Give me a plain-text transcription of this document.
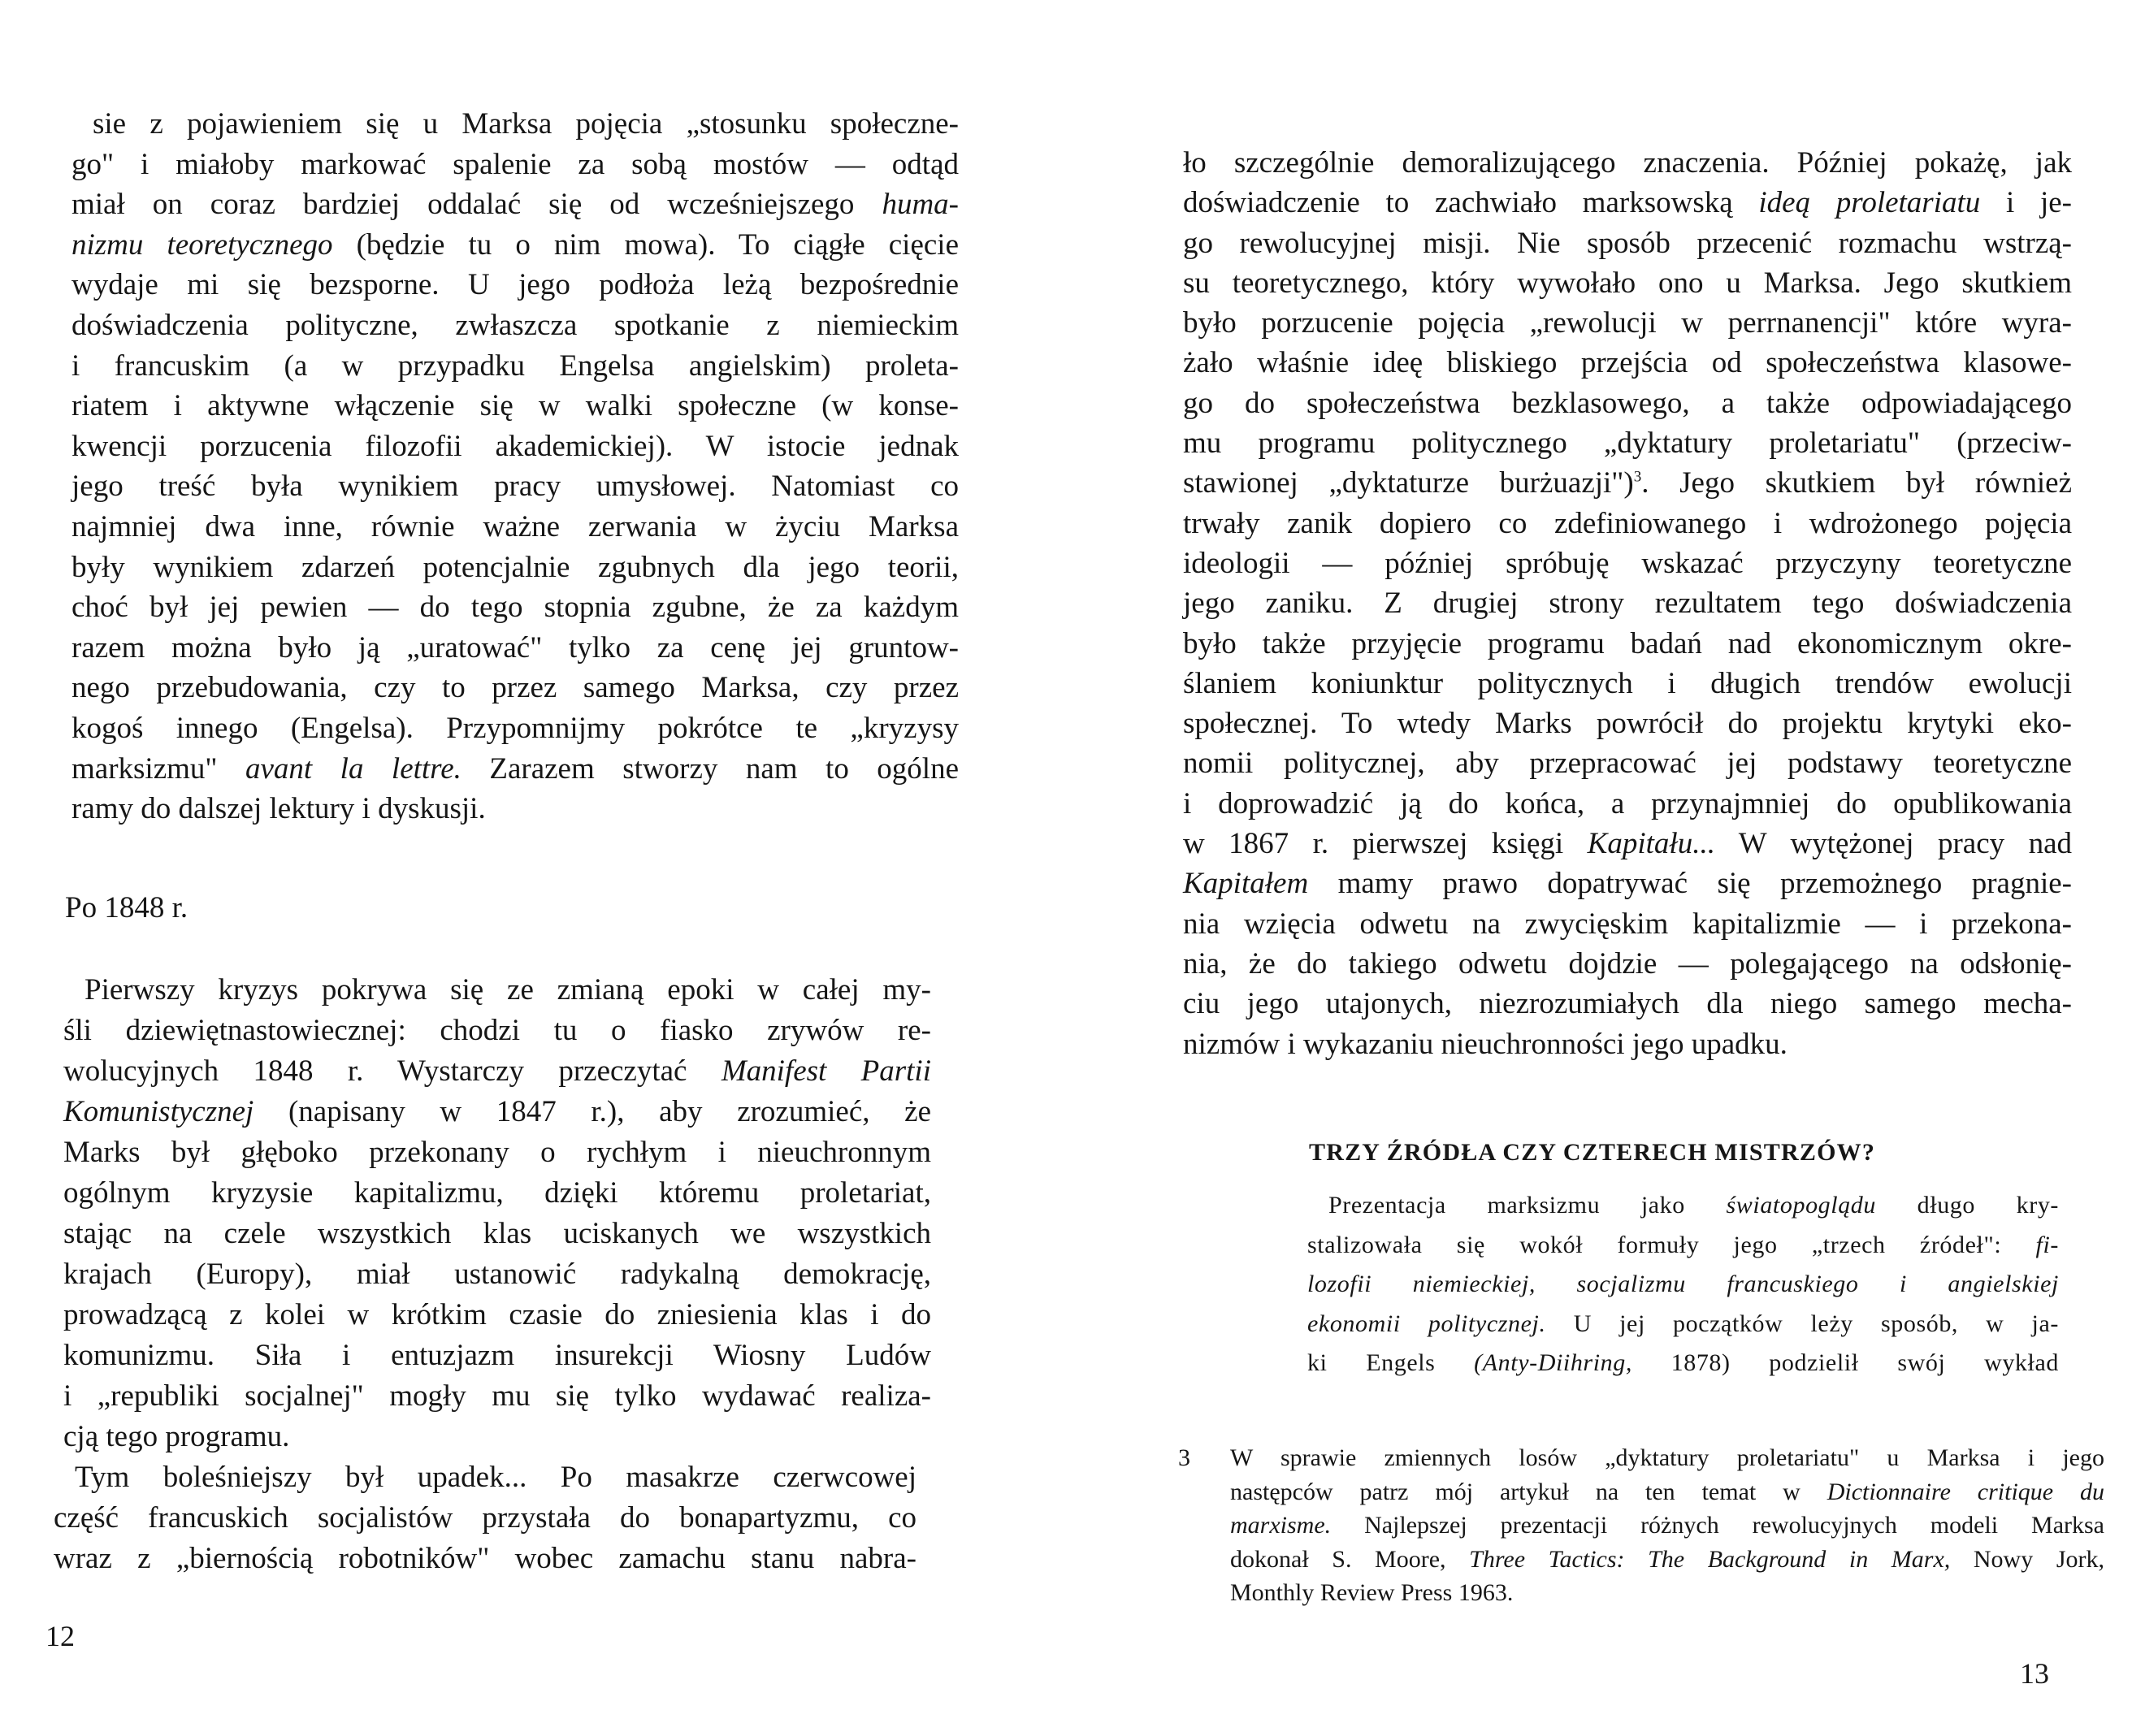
sie z pojawieniem się u Marksa pojęcia „stosunku społeczne-
go" i miałoby markować spalenie za sobą mostów — odtąd
miał on coraz bardziej oddalać się od wcześniejszego huma-
nizmu teoretycznego (będzie tu o nim mowa). To ciągłe cięcie
wydaje mi się bezsporne. U jego podłoża leżą bezpośrednie
doświadczenia polityczne, zwłaszcza spotkanie z niemieckim
i francuskim (a w przypadku Engelsa angielskim) proleta-
riatem i aktywne włączenie się w walki społeczne (w konse-
kwencji porzucenia filozofii akademickiej). W istocie jednak
jego treść była wynikiem pracy umysłowej. Natomiast co
najmniej dwa inne, równie ważne zerwania w życiu Marksa
były wynikiem zdarzeń potencjalnie zgubnych dla jego teorii,
choć był jej pewien — do tego stopnia zgubne, że za każdym
razem można było ją „uratować" tylko za cenę jej gruntow-
nego przebudowania, czy to przez samego Marksa, czy przez
kogoś innego (Engelsa). Przypomnijmy pokrótce te „kryzysy
marksizmu" avant la lettre. Zarazem stworzy nam to ogólne
ramy do dalszej lektury i dyskusji.

Po 1848 r.

Pierwszy kryzys pokrywa się ze zmianą epoki w całej my-
śli dziewiętnastowiecznej: chodzi tu o fiasko zrywów re-
wolucyjnych 1848 r. Wystarczy przeczytać Manifest Partii
Komunistycznej (napisany w 1847 r.), aby zrozumieć, że
Marks był głęboko przekonany o rychłym i nieuchronnym
ogólnym kryzysie kapitalizmu, dzięki któremu proletariat,
stając na czele wszystkich klas uciskanych we wszystkich
krajach (Europy), miał ustanowić radykalną demokrację,
prowadzącą z kolei w krótkim czasie do zniesienia klas i do
komunizmu. Siła i entuzjazm insurekcji Wiosny Ludów
i „republiki socjalnej" mogły mu się tylko wydawać realiza-
cją tego programu.

Tym boleśniejszy był upadek... Po masakrze czerwcowej
część francuskich socjalistów przystała do bonapartyzmu, co
wraz z „biernością robotników" wobec zamachu stanu nabra-

12

ło szczególnie demoralizującego znaczenia. Później pokażę, jak
doświadczenie to zachwiało marksowską ideą proletariatu i je-
go rewolucyjnej misji. Nie sposób przecenić rozmachu wstrzą-
su teoretycznego, który wywołało ono u Marksa. Jego skutkiem
było porzucenie pojęcia „rewolucji w perrnanencji" które wyra-
żało właśnie ideę bliskiego przejścia od społeczeństwa klasowe-
go do społeczeństwa bezklasowego, a także odpowiadającego
mu programu politycznego „dyktatury proletariatu" (przeciw-
stawionej „dyktaturze burżuazji")$^3$. Jego skutkiem był również
trwały zanik dopiero co zdefiniowanego i wdrożonego pojęcia
ideologii — później spróbuję wskazać przyczyny teoretyczne
jego zaniku. Z drugiej strony rezultatem tego doświadczenia
było także przyjęcie programu badań nad ekonomicznym okre-
ślaniem koniunktur politycznych i długich trendów ewolucji
społecznej. To wtedy Marks powrócił do projektu krytyki eko-
nomii politycznej, aby przepracować jej podstawy teoretyczne
i doprowadzić ją do końca, a przynajmniej do opublikowania
w 1867 r. pierwszej księgi Kapitału... W wytężonej pracy nad
Kapitałem mamy prawo dopatrywać się przemożnego pragnie-
nia wzięcia odwetu na zwycięskim kapitalizmie — i przekona-
nia, że do takiego odwetu dojdzie — polegającego na odsłonię-
ciu jego utajonych, niezrozumiałych dla niego samego mecha-
nizmów i wykazaniu nieuchronności jego upadku.

TRZY ŹRÓDŁA CZY CZTERECH MISTRZÓW?

Prezentacja marksizmu jako światopoglądu długo kry-
stalizowała się wokół formuły jego „trzech źródeł": fi-
lozofii niemieckiej, socjalizmu francuskiego i angielskiej
ekonomii politycznej. U jej początków leży sposób, w ja-
ki Engels (Anty-Diihring, 1878) podzielił swój wykład

3 W sprawie zmiennych losów „dyktatury proletariatu" u Marksa i jego
następców patrz mój artykuł na ten temat w Dictionnaire critique du
marxisme. Najlepszej prezentacji różnych rewolucyjnych modeli Marksa
dokonał S. Moore, Three Tactics: The Background in Marx, Nowy Jork,
Monthly Review Press 1963.
13
